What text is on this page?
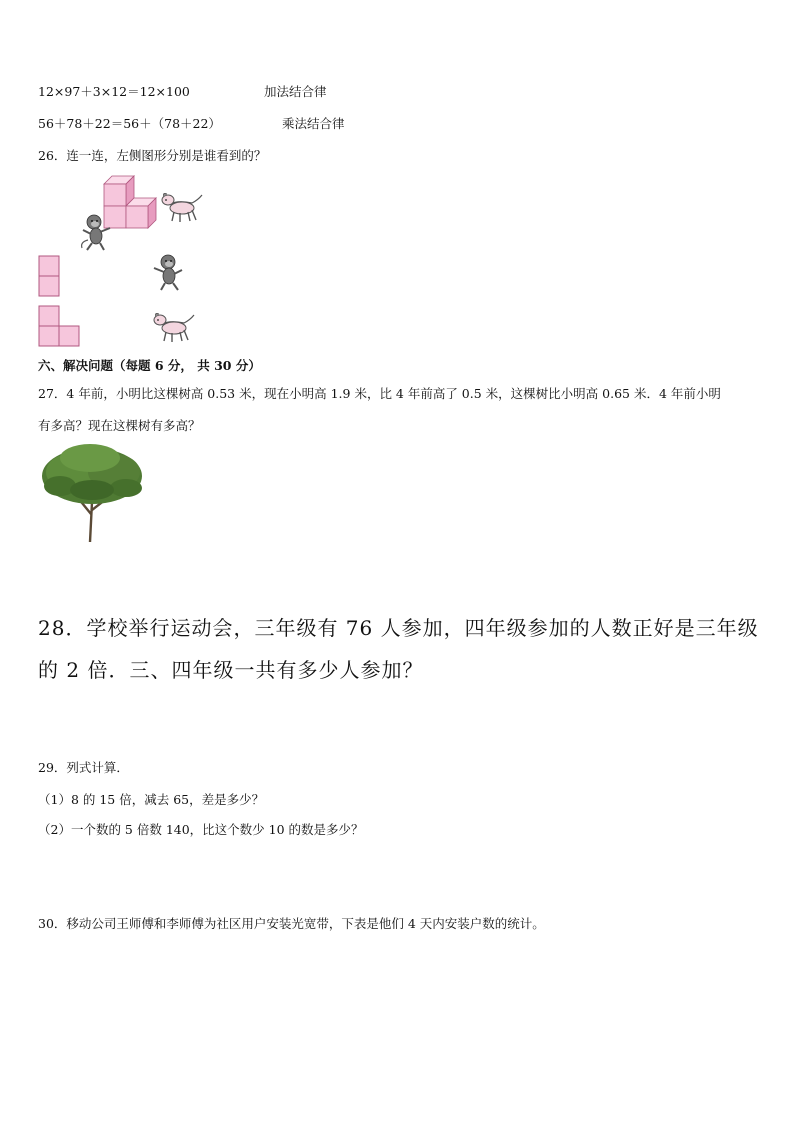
12×97＋3×12＝12×100	加法结合律
56＋78＋22＝56＋（78＋22）	乘法结合律
26．连一连，左侧图形分别是谁看到的？
六、解决问题（每题 6 分， 共 30 分）
27．4 年前，小明比这棵树高 0.53 米，现在小明高 1.9 米，比 4 年前高了 0.5 米，这棵树比小明高 0.65 米．4 年前小明
有多高？现在这棵树有多高？
28．学校举行运动会，三年级有 76 人参加，四年级参加的人数正好是三年级
的 2 倍．三、四年级一共有多少人参加？
29．列式计算．
（1）8 的 15 倍，减去 65，差是多少？
（2）一个数的 5 倍数 140，比这个数少 10 的数是多少？
30．移动公司王师傅和李师傅为社区用户安装光宽带，下表是他们 4 天内安装户数的统计。
